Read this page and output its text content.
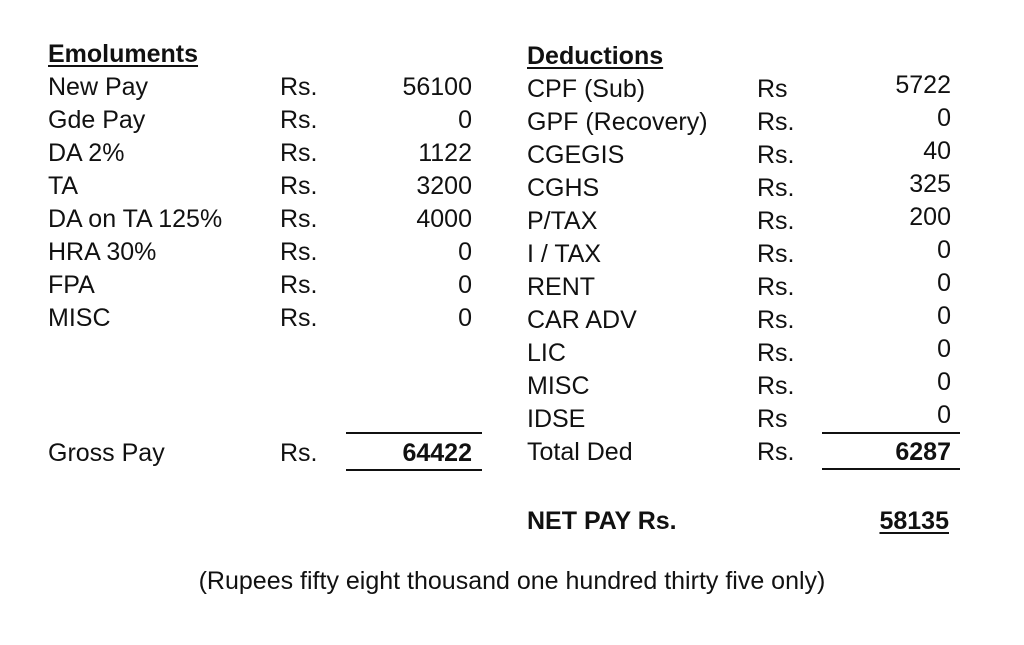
Emoluments
New Pay	Rs.	56100
Gde Pay	Rs.	0
DA 2%	Rs.	1122
TA	Rs.	3200
DA on TA 125% Rs.	4000
HRA 30%	Rs.	0
FPA	Rs.	0
MISC	Rs.	0
Gross Pay	Rs.	64422
Deductions
CPF (Sub)	Rs	5722
GPF (Recovery) Rs.	0
CGEGIS	Rs.	40
CGHS	Rs.	325
P/TAX	Rs.	200
I / TAX	Rs.	0
RENT	Rs.	0
CAR ADV	Rs.	0
LIC	Rs.	0
MISC	Rs.	0
IDSE	Rs	0
Total Ded	Rs.	6287
NET PAY Rs.	58135
(Rupees fifty eight thousand one hundred thirty five only)
